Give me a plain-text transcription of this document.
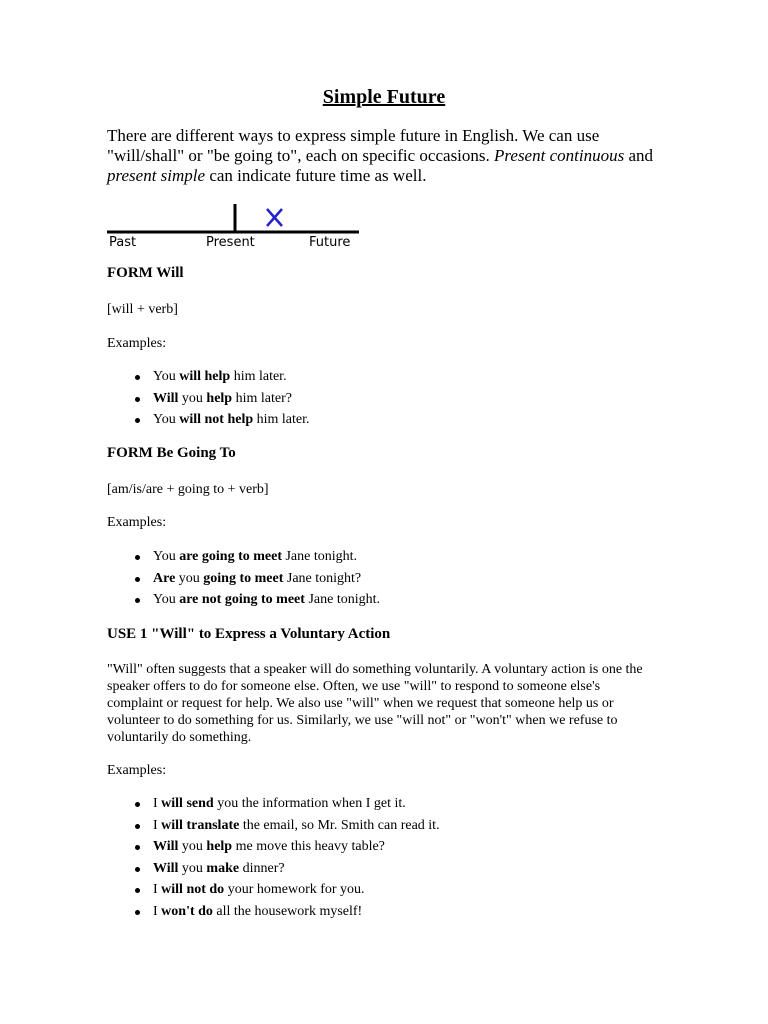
Simple Future

There are different ways to express simple future in English. We can use "will/shall" or "be going to", each on specific occasions. Present continuous and present simple can indicate future time as well.

Past	Present	Future
FORM Will

[will + verb]

Examples:

You will help him later.
Will you help him later?
You will not help him later.
FORM Be Going To

[am/is/are + going to + verb]

Examples:

You are going to meet Jane tonight.
Are you going to meet Jane tonight?
You are not going to meet Jane tonight.
USE 1 "Will" to Express a Voluntary Action

"Will" often suggests that a speaker will do something voluntarily. A voluntary action is one the speaker offers to do for someone else. Often, we use "will" to respond to someone else's complaint or request for help. We also use "will" when we request that someone help us or volunteer to do something for us. Similarly, we use "will not" or "won't" when we refuse to voluntarily do something.

Examples:

I will send you the information when I get it.
I will translate the email, so Mr. Smith can read it.
Will you help me move this heavy table?
Will you make dinner?
I will not do your homework for you.
I won't do all the housework myself!
